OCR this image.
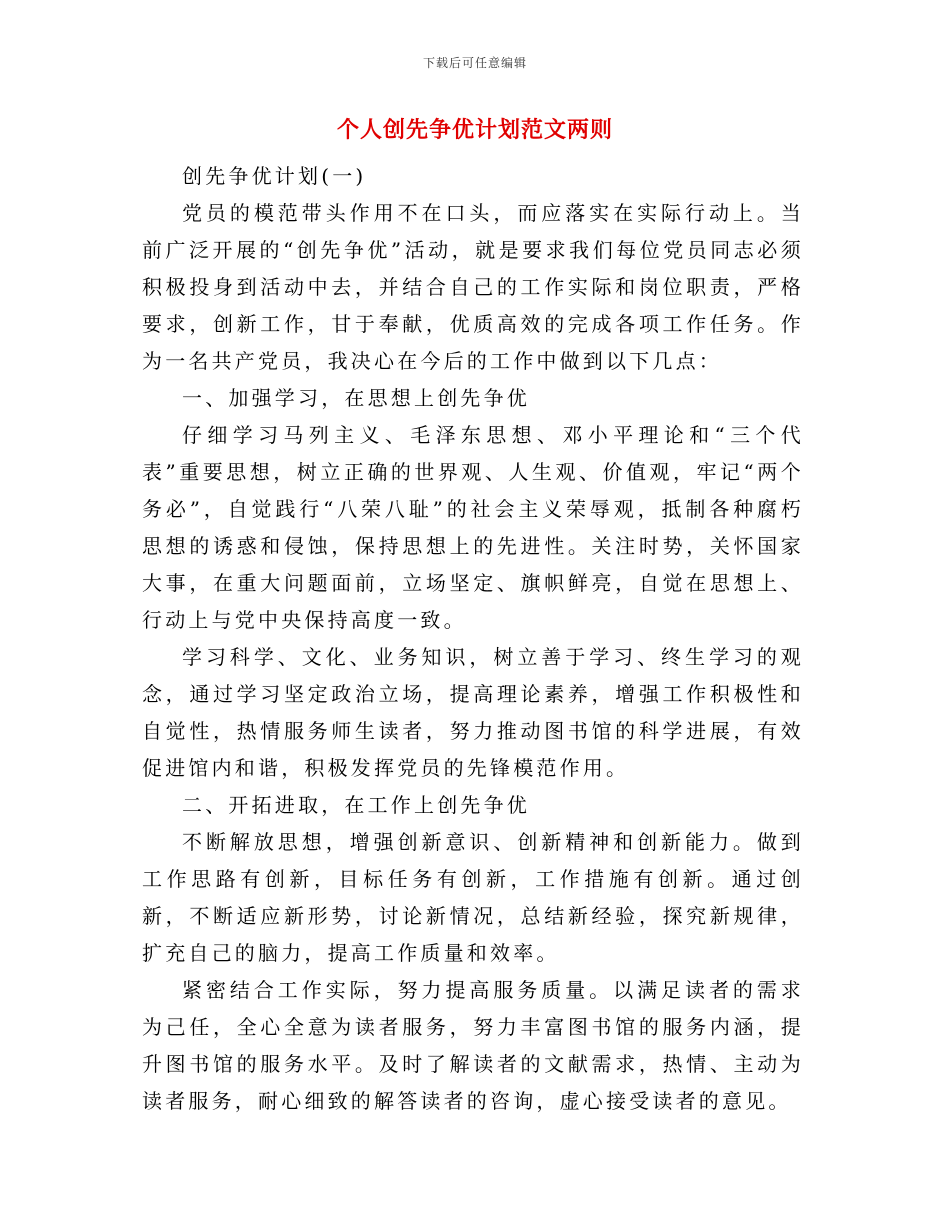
下载后可任意编辑
个人创先争优计划范文两则

创先争优计划(一)

党员的模范带头作用不在口头，而应落实在实际行动上。当前广泛开展的“创先争优”活动，就是要求我们每位党员同志必须积极投身到活动中去，并结合自己的工作实际和岗位职责，严格要求，创新工作，甘于奉献，优质高效的完成各项工作任务。作为一名共产党员，我决心在今后的工作中做到以下几点：

一、加强学习，在思想上创先争优

仔细学习马列主义、毛泽东思想、邓小平理论和“三个代表”重要思想，树立正确的世界观、人生观、价值观，牢记“两个务必”，自觉践行“八荣八耻”的社会主义荣辱观，抵制各种腐朽思想的诱惑和侵蚀，保持思想上的先进性。关注时势，关怀国家大事，在重大问题面前，立场坚定、旗帜鲜亮，自觉在思想上、行动上与党中央保持高度一致。

学习科学、文化、业务知识，树立善于学习、终生学习的观念，通过学习坚定政治立场，提高理论素养，增强工作积极性和自觉性，热情服务师生读者，努力推动图书馆的科学进展，有效促进馆内和谐，积极发挥党员的先锋模范作用。

二、开拓进取，在工作上创先争优

不断解放思想，增强创新意识、创新精神和创新能力。做到工作思路有创新，目标任务有创新，工作措施有创新。通过创新，不断适应新形势，讨论新情况，总结新经验，探究新规律，扩充自己的脑力，提高工作质量和效率。

紧密结合工作实际，努力提高服务质量。以满足读者的需求为己任，全心全意为读者服务，努力丰富图书馆的服务内涵，提升图书馆的服务水平。及时了解读者的文献需求，热情、主动为读者服务，耐心细致的解答读者的咨询，虚心接受读者的意见。
